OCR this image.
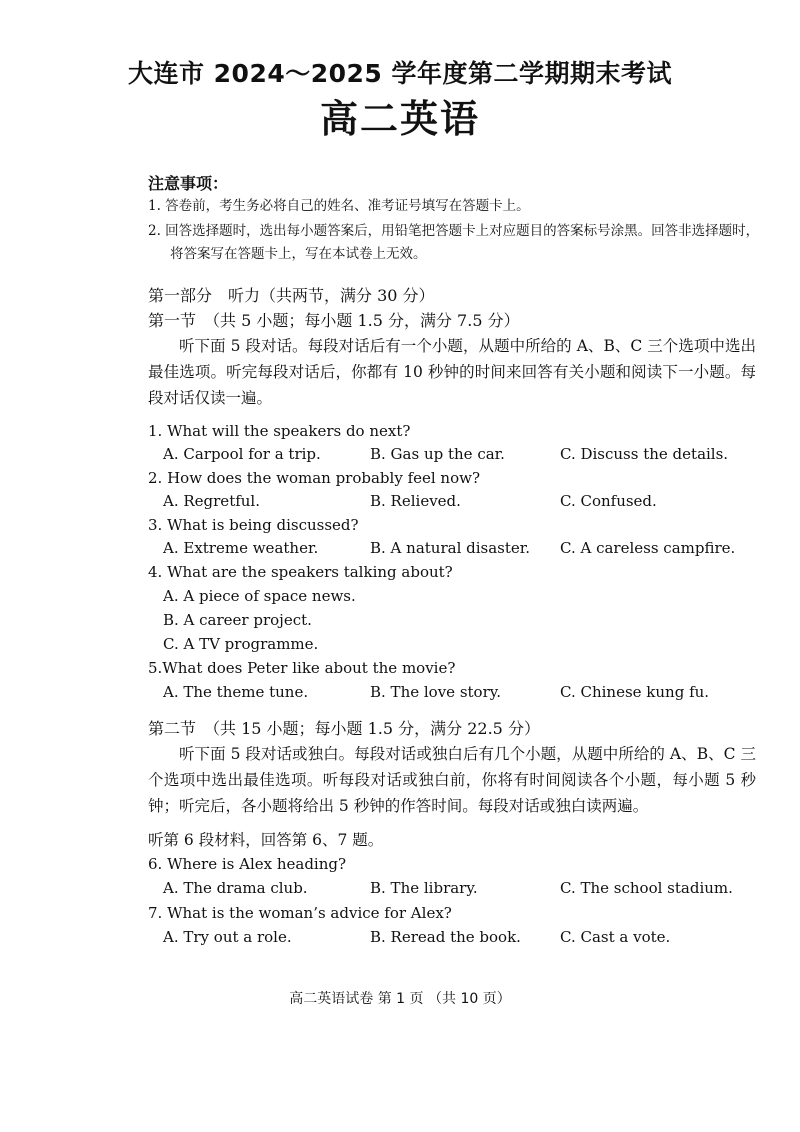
大连市 2024～2025 学年度第二学期期末考试
高二英语
注意事项：
1. 答卷前，考生务必将自己的姓名、准考证号填写在答题卡上。
2. 回答选择题时，选出每小题答案后，用铅笔把答题卡上对应题目的答案标号涂黑。回答非选择题时，
将答案写在答题卡上，写在本试卷上无效。
第一部分　听力（共两节，满分 30 分）
第一节　（共 5 小题；每小题 1.5 分，满分 7.5 分）
听下面 5 段对话。每段对话后有一个小题，从题中所给的 A、B、C 三个选项中选出最佳选项。听完每段对话后，你都有 10 秒钟的时间来回答有关小题和阅读下一小题。每段对话仅读一遍。
1. What will the speakers do next?
A. Carpool for a trip.	B. Gas up the car.	C. Discuss the details.
2. How does the woman probably feel now?
A. Regretful.	B. Relieved.	C. Confused.
3. What is being discussed?
A. Extreme weather.	B. A natural disaster. C. A careless campfire.
4. What are the speakers talking about?
A. A piece of space news.
B. A career project.
C. A TV programme.
5.What does Peter like about the movie?
A. The theme tune.	B. The love story.	C. Chinese kung fu.
第二节　（共 15 小题；每小题 1.5 分，满分 22.5 分）
听下面 5 段对话或独白。每段对话或独白后有几个小题，从题中所给的 A、B、C 三个选项中选出最佳选项。听每段对话或独白前，你将有时间阅读各个小题，每小题 5 秒钟；听完后，各小题将给出 5 秒钟的作答时间。每段对话或独白读两遍。
听第 6 段材料，回答第 6、7 题。
6. Where is Alex heading?
A. The drama club.	B. The library.	C. The school stadium.
7. What is the woman’s advice for Alex?
A. Try out a role.	B. Reread the book.	C. Cast a vote.
高二英语试卷 第 1 页 （共 10 页）
